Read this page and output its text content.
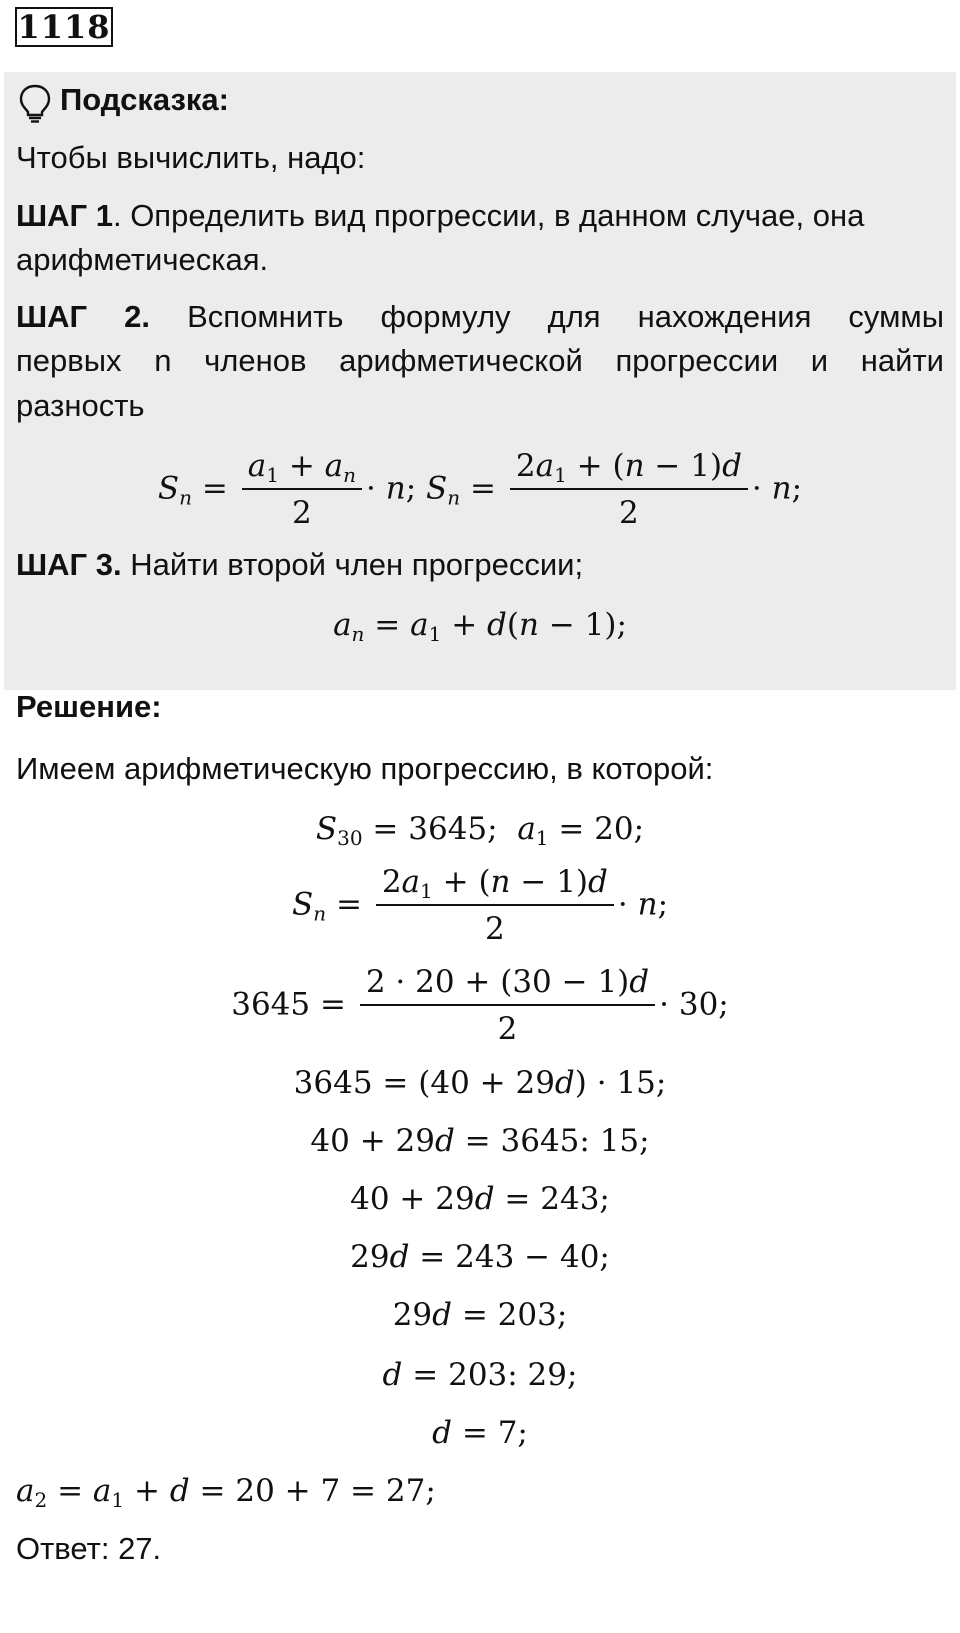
1118
Подсказка:
Чтобы вычислить, надо:
ШАГ 1. Определить вид прогрессии, в данном случае, она
арифметическая.
ШАГ 2. Вспомнить формулу для нахождения суммы
первых n членов арифметической прогрессии и найти
разность
$S_n = \frac{a_1 + a_n}{2} \cdot n$; $S_n = \frac{2a_1 + (n - 1)d}{2} \cdot n$;
ШАГ 3. Найти второй член прогрессии;
$a_n = a_1 + d(n - 1)$;
Решение:
Имеем арифметическую прогрессию, в которой:
$S_{30} = 3645$;  $a_1 = 20$;
$S_n = \frac{2a_1 + (n - 1)d}{2} \cdot n$;
$3645 = \frac{2 \cdot 20 + (30 - 1)d}{2} \cdot 30$;
3645 = (40 + 29d) · 15;
40 + 29d = 3645: 15;
40 + 29d = 243;
29d = 243 − 40;
29d = 203;
d = 203: 29;
d = 7;
$a_2 = a_1 + d = 20 + 7 = 27$;
Ответ: 27.
